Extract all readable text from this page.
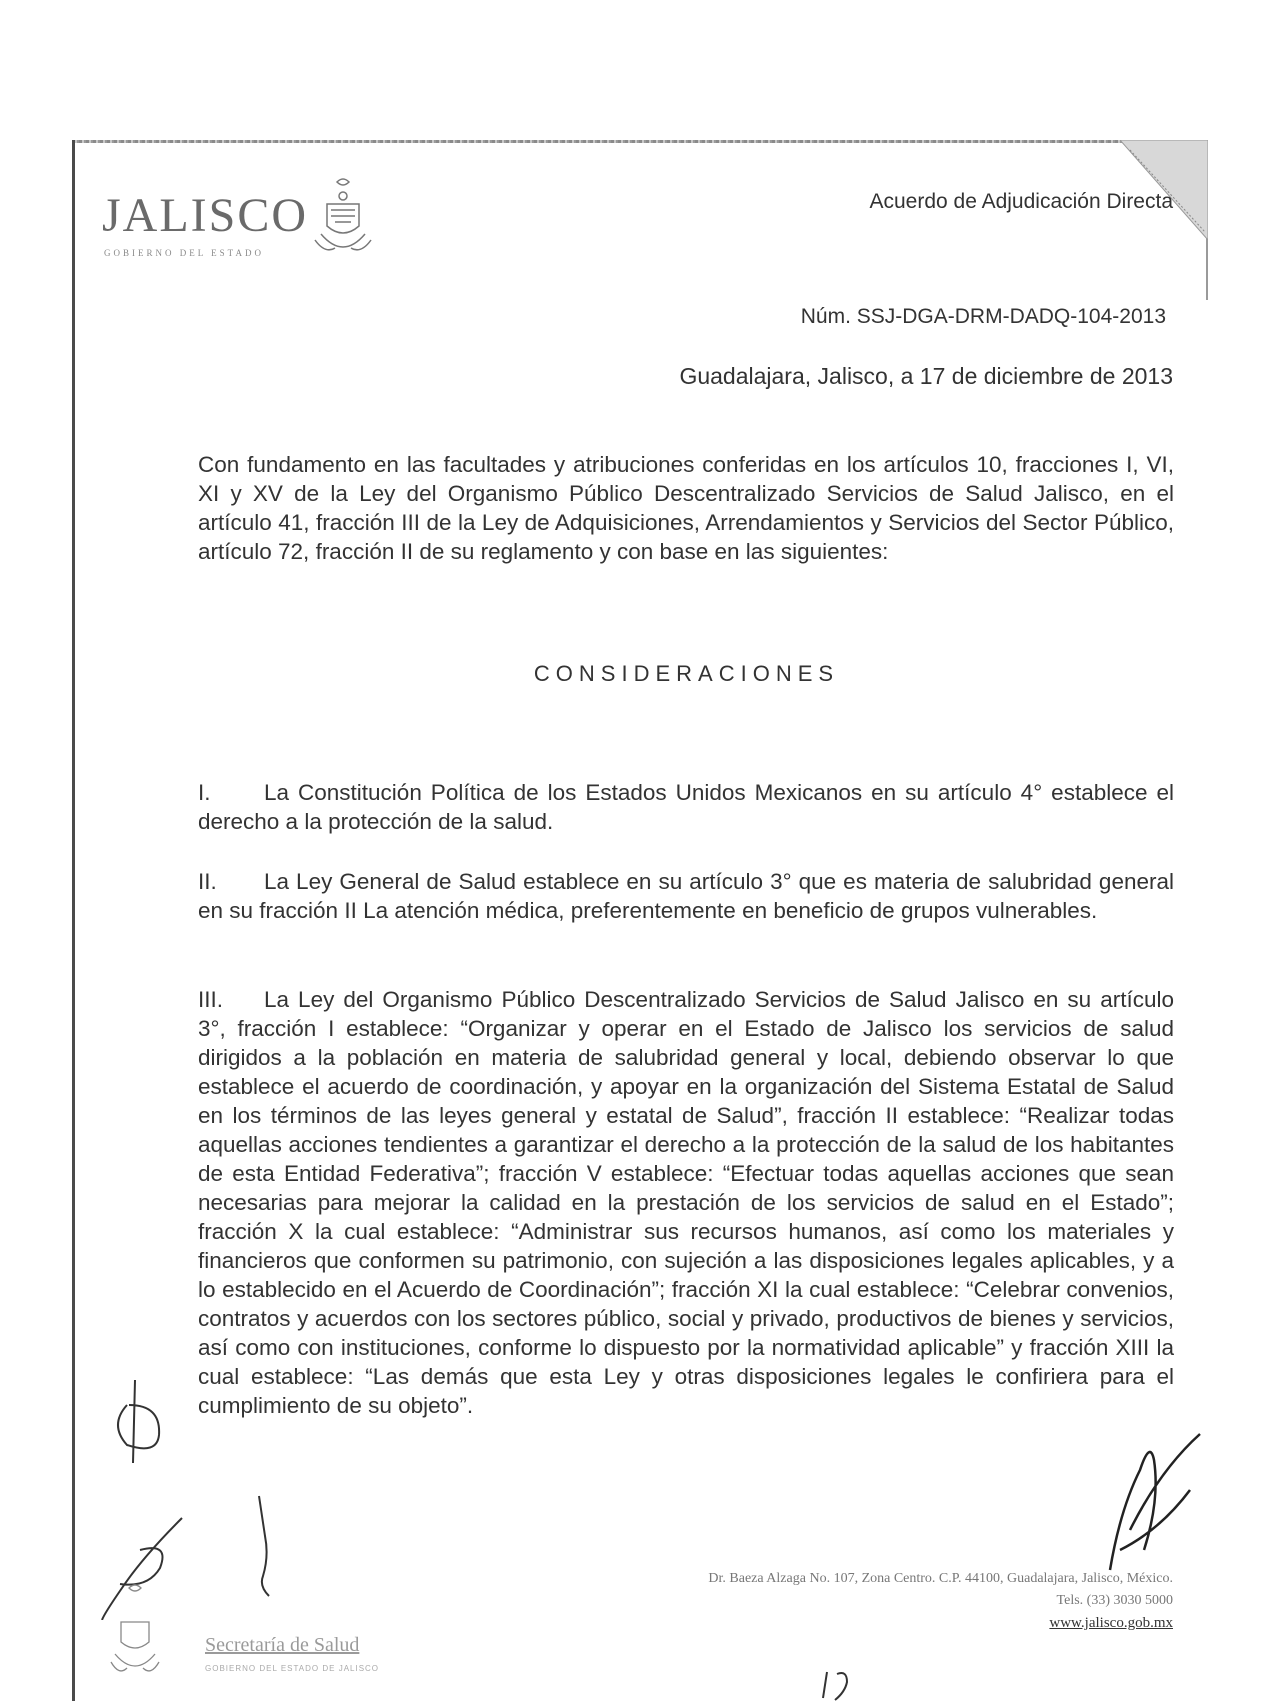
JALISCO
GOBIERNO DEL ESTADO
Acuerdo de Adjudicación Directa
Núm. SSJ-DGA-DRM-DADQ-104-2013
Guadalajara, Jalisco, a 17 de diciembre de 2013
Con fundamento en las facultades y atribuciones conferidas en los artículos 10, fracciones I, VI, XI y XV de la Ley del Organismo Público Descentralizado Servicios de Salud Jalisco, en el artículo 41, fracción III de la Ley de Adquisiciones, Arrendamientos y Servicios del Sector Público, artículo 72, fracción II de su reglamento y con base en las siguientes:
CONSIDERACIONES
I. La Constitución Política de los Estados Unidos Mexicanos en su artículo 4° establece el derecho a la protección de la salud.
II. La Ley General de Salud establece en su artículo 3° que es materia de salubridad general en su fracción II La atención médica, preferentemente en beneficio de grupos vulnerables.
III. La Ley del Organismo Público Descentralizado Servicios de Salud Jalisco en su artículo 3°, fracción I establece: “Organizar y operar en el Estado de Jalisco los servicios de salud dirigidos a la población en materia de salubridad general y local, debiendo observar lo que establece el acuerdo de coordinación, y apoyar en la organización del Sistema Estatal de Salud en los términos de las leyes general y estatal de Salud”, fracción II establece: “Realizar todas aquellas acciones tendientes a garantizar el derecho a la protección de la salud de los habitantes de esta Entidad Federativa”; fracción V establece: “Efectuar todas aquellas acciones que sean necesarias para mejorar la calidad en la prestación de los servicios de salud en el Estado”; fracción X la cual establece: “Administrar sus recursos humanos, así como los materiales y financieros que conformen su patrimonio, con sujeción a las disposiciones legales aplicables, y a lo establecido en el Acuerdo de Coordinación”; fracción XI la cual establece: “Celebrar convenios, contratos y acuerdos con los sectores público, social y privado, productivos de bienes y servicios, así como con instituciones, conforme lo dispuesto por la normatividad aplicable” y fracción XIII la cual establece: “Las demás que esta Ley y otras disposiciones legales le confiriera para el cumplimiento de su objeto”.
Dr. Baeza Alzaga No. 107, Zona Centro. C.P. 44100, Guadalajara, Jalisco, México.
Tels. (33) 3030 5000
www.jalisco.gob.mx
Secretaría de Salud
GOBIERNO DEL ESTADO DE JALISCO
